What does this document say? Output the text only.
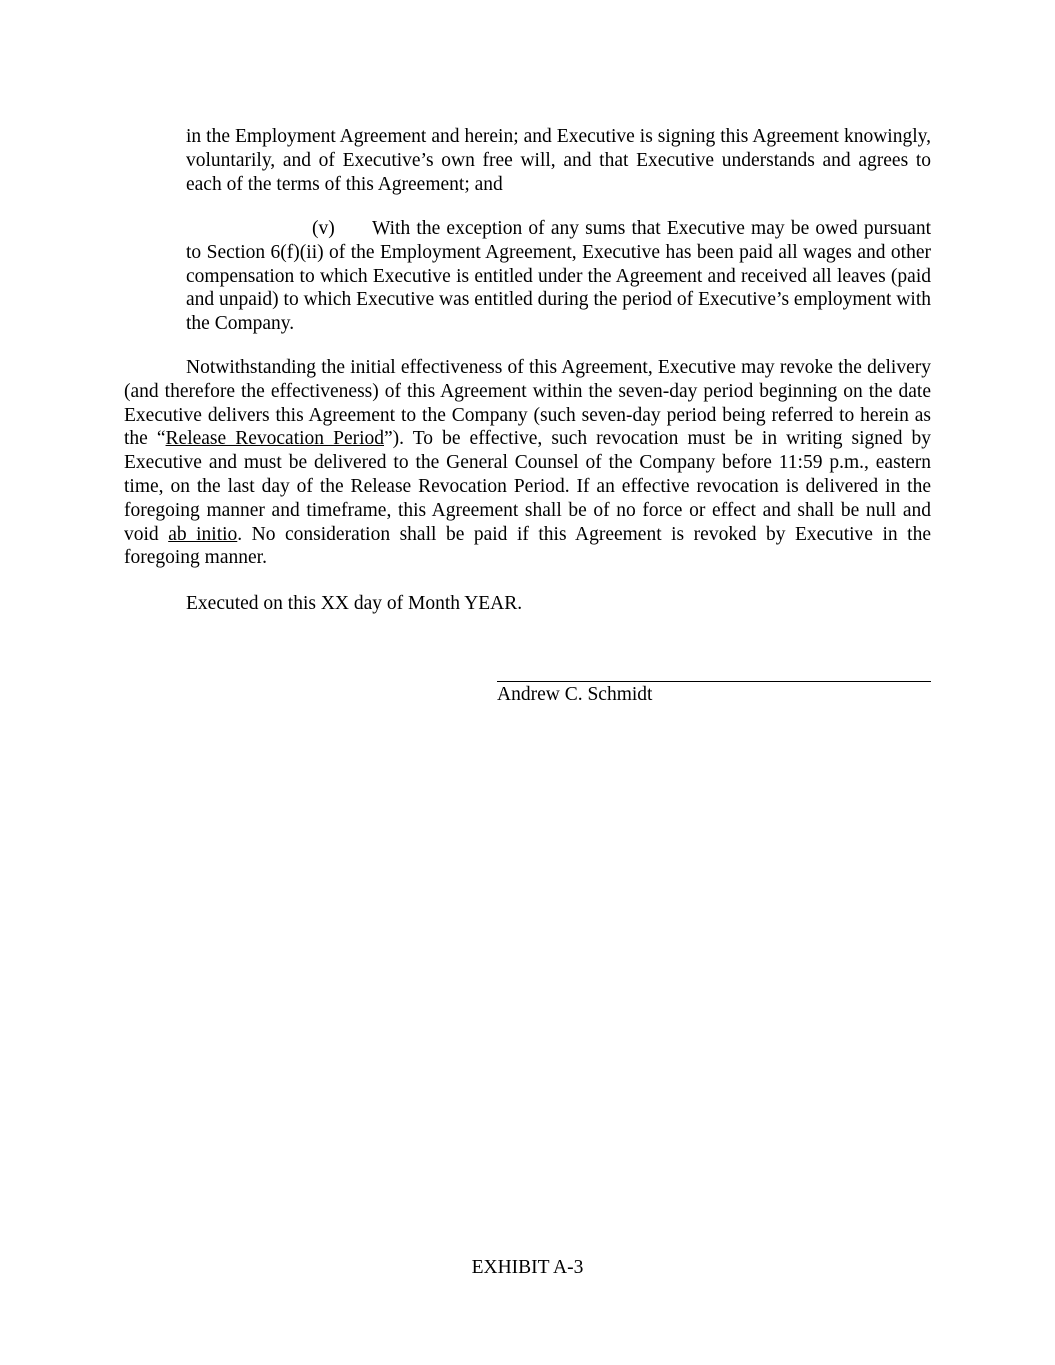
in the Employment Agreement and herein; and Executive is signing this Agreement knowingly, voluntarily, and of Executive’s own free will, and that Executive understands and agrees to each of the terms of this Agreement; and

(v) With the exception of any sums that Executive may be owed pursuant to Section 6(f)(ii) of the Employment Agreement, Executive has been paid all wages and other compensation to which Executive is entitled under the Agreement and received all leaves (paid and unpaid) to which Executive was entitled during the period of Executive’s employment with the Company.

Notwithstanding the initial effectiveness of this Agreement, Executive may revoke the delivery (and therefore the effectiveness) of this Agreement within the seven-day period beginning on the date Executive delivers this Agreement to the Company (such seven-day period being referred to herein as the “Release Revocation Period”). To be effective, such revocation must be in writing signed by Executive and must be delivered to the General Counsel of the Company before 11:59 p.m., eastern time, on the last day of the Release Revocation Period. If an effective revocation is delivered in the foregoing manner and timeframe, this Agreement shall be of no force or effect and shall be null and void ab initio. No consideration shall be paid if this Agreement is revoked by Executive in the foregoing manner.

Executed on this XX day of Month YEAR.

Andrew C. Schmidt

EXHIBIT A-3
